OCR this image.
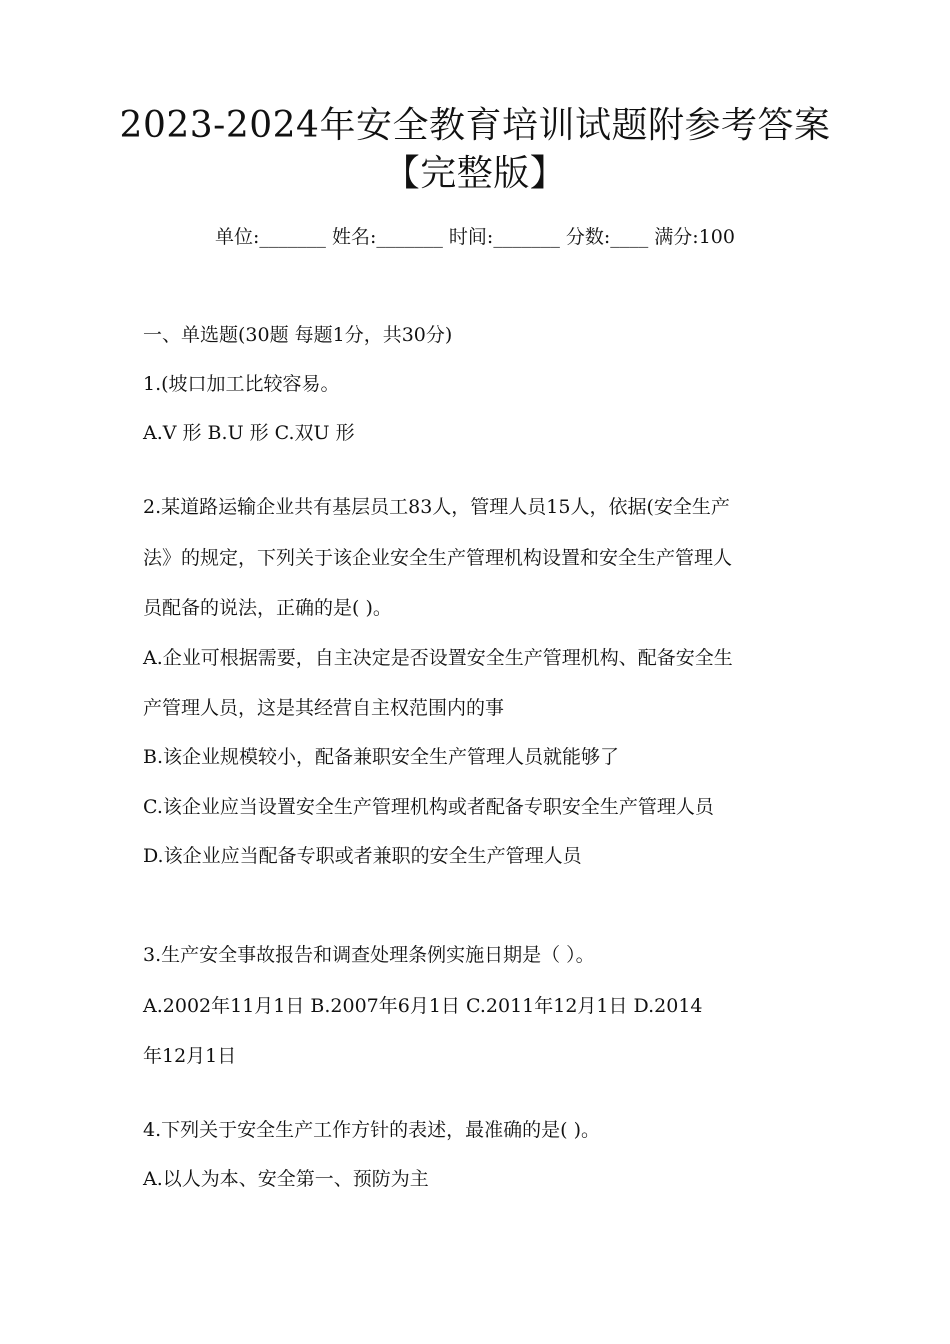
2023-2024年安全教育培训试题附参考答案
【完整版】
单位:_______ 姓名:_______ 时间:_______ 分数:____ 满分:100
一、单选题(30题 每题1分，共30分)
1.(坡口加工比较容易。
A.V 形 B.U 形 C.双U 形
2.某道路运输企业共有基层员工83人，管理人员15人，依据(安全生产
法》的规定，下列关于该企业安全生产管理机构设置和安全生产管理人
员配备的说法，正确的是( )。
A.企业可根据需要，自主决定是否设置安全生产管理机构、配备安全生
产管理人员，这是其经营自主权范围内的事
B.该企业规模较小，配备兼职安全生产管理人员就能够了
C.该企业应当设置安全生产管理机构或者配备专职安全生产管理人员
D.该企业应当配备专职或者兼职的安全生产管理人员
3.生产安全事故报告和调查处理条例实施日期是（ ）。
A.2002年11月1日 B.2007年6月1日 C.2011年12月1日 D.2014
年12月1日
4.下列关于安全生产工作方针的表述，最准确的是( )。
A.以人为本、安全第一、预防为主
